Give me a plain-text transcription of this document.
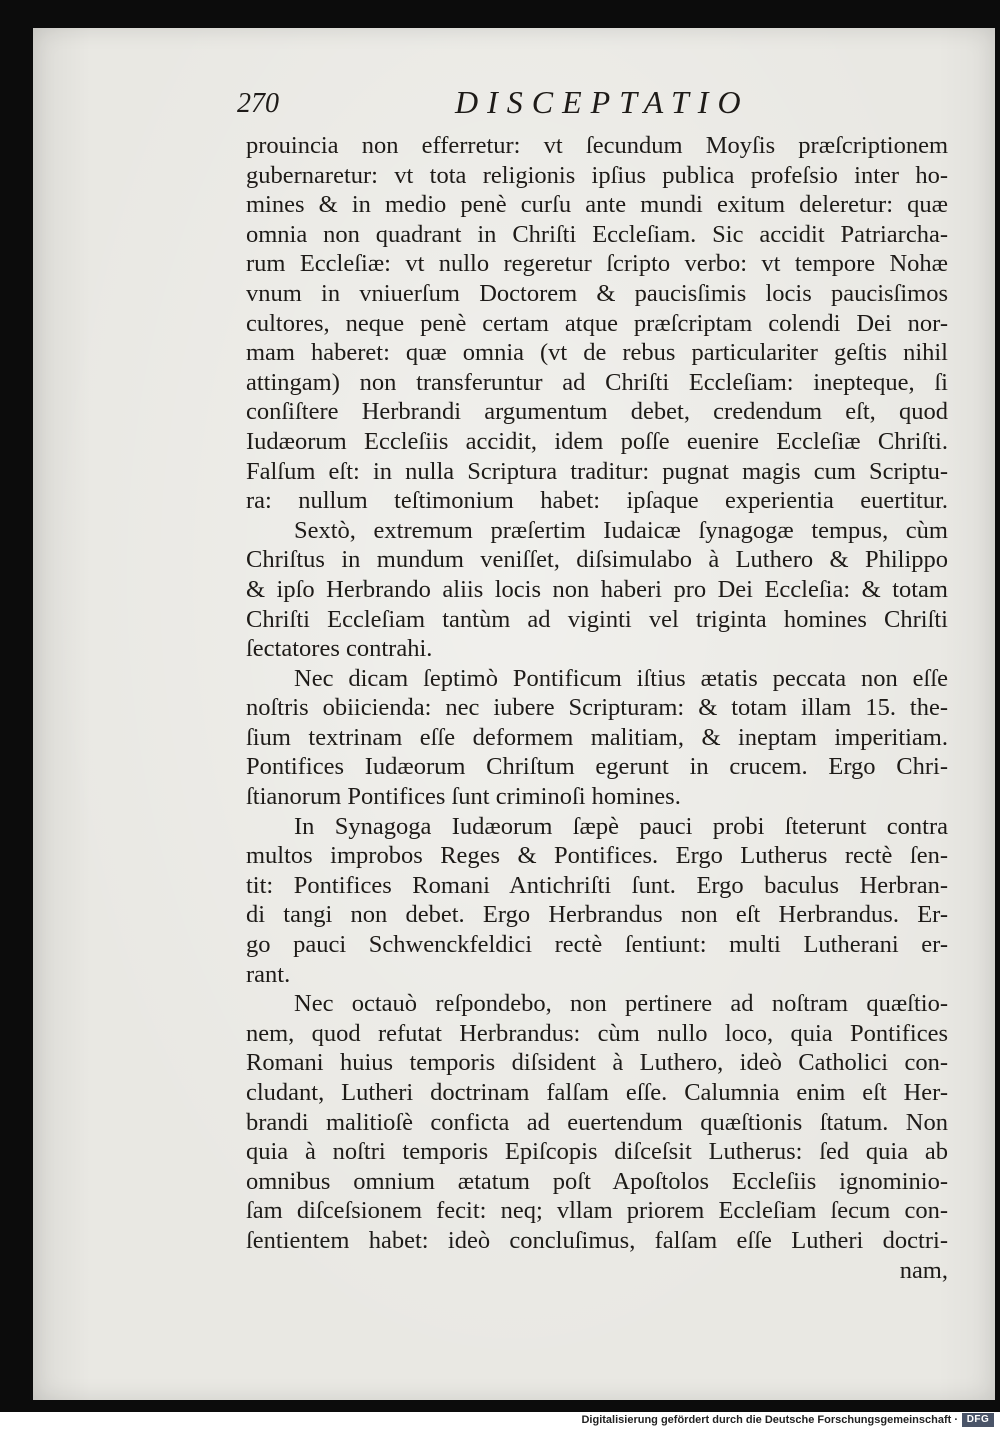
270	DISCEPTATIO
prouincia non efferretur: vt ſecundum Moyſis præſcriptionem
gubernaretur: vt tota religionis ipſius publica profeſsio inter ho-
mines & in medio penè curſu ante mundi exitum deleretur: quæ
omnia non quadrant in Chriſti Eccleſiam. Sic accidit Patriarcha-
rum Eccleſiæ: vt nullo regeretur ſcripto verbo: vt tempore Nohæ
vnum in vniuerſum Doctorem & paucisſimis locis paucisſimos
cultores, neque penè certam atque præſcriptam colendi Dei nor-
mam haberet: quæ omnia (vt de rebus particulariter geſtis nihil
attingam) non transferuntur ad Chriſti Eccleſiam: inepteque, ſi
conſiſtere Herbrandi argumentum debet, credendum eſt, quod
Iudæorum Eccleſiis accidit, idem poſſe euenire Eccleſiæ Chriſti.
Falſum eſt: in nulla Scriptura traditur: pugnat magis cum Scriptu-
ra: nullum teſtimonium habet: ipſaque experientia euertitur.
Sextò, extremum præſertim Iudaicæ ſynagogæ tempus, cùm
Chriſtus in mundum veniſſet, diſsimulabo à Luthero & Philippo
& ipſo Herbrando aliis locis non haberi pro Dei Eccleſia: & totam
Chriſti Eccleſiam tantùm ad viginti vel triginta homines Chriſti
ſectatores contrahi.
Nec dicam ſeptimò Pontificum iſtius ætatis peccata non eſſe
noſtris obiicienda: nec iubere Scripturam: & totam illam 15. the-
ſium textrinam eſſe deformem malitiam, & ineptam imperitiam.
Pontifices Iudæorum Chriſtum egerunt in crucem. Ergo Chri-
ſtianorum Pontifices ſunt criminoſi homines.
In Synagoga Iudæorum ſæpè pauci probi ſteterunt contra
multos improbos Reges & Pontifices. Ergo Lutherus rectè ſen-
tit: Pontifices Romani Antichriſti ſunt. Ergo baculus Herbran-
di tangi non debet. Ergo Herbrandus non eſt Herbrandus. Er-
go pauci Schwenckfeldici rectè ſentiunt: multi Lutherani er-
rant.
Nec octauò reſpondebo, non pertinere ad noſtram quæſtio-
nem, quod refutat Herbrandus: cùm nullo loco, quia Pontifices
Romani huius temporis diſsident à Luthero, ideò Catholici con-
cludant, Lutheri doctrinam falſam eſſe. Calumnia enim eſt Her-
brandi malitioſè conficta ad euertendum quæſtionis ſtatum. Non
quia à noſtri temporis Epiſcopis diſceſsit Lutherus: ſed quia ab
omnibus omnium ætatum poſt Apoſtolos Eccleſiis ignominio-
ſam diſceſsionem fecit: neq; vllam priorem Eccleſiam ſecum con-
ſentientem habet: ideò concluſimus, falſam eſſe Lutheri doctri-
nam,
Digitalisierung gefördert durch die Deutsche Forschungsgemeinschaft · DFG
